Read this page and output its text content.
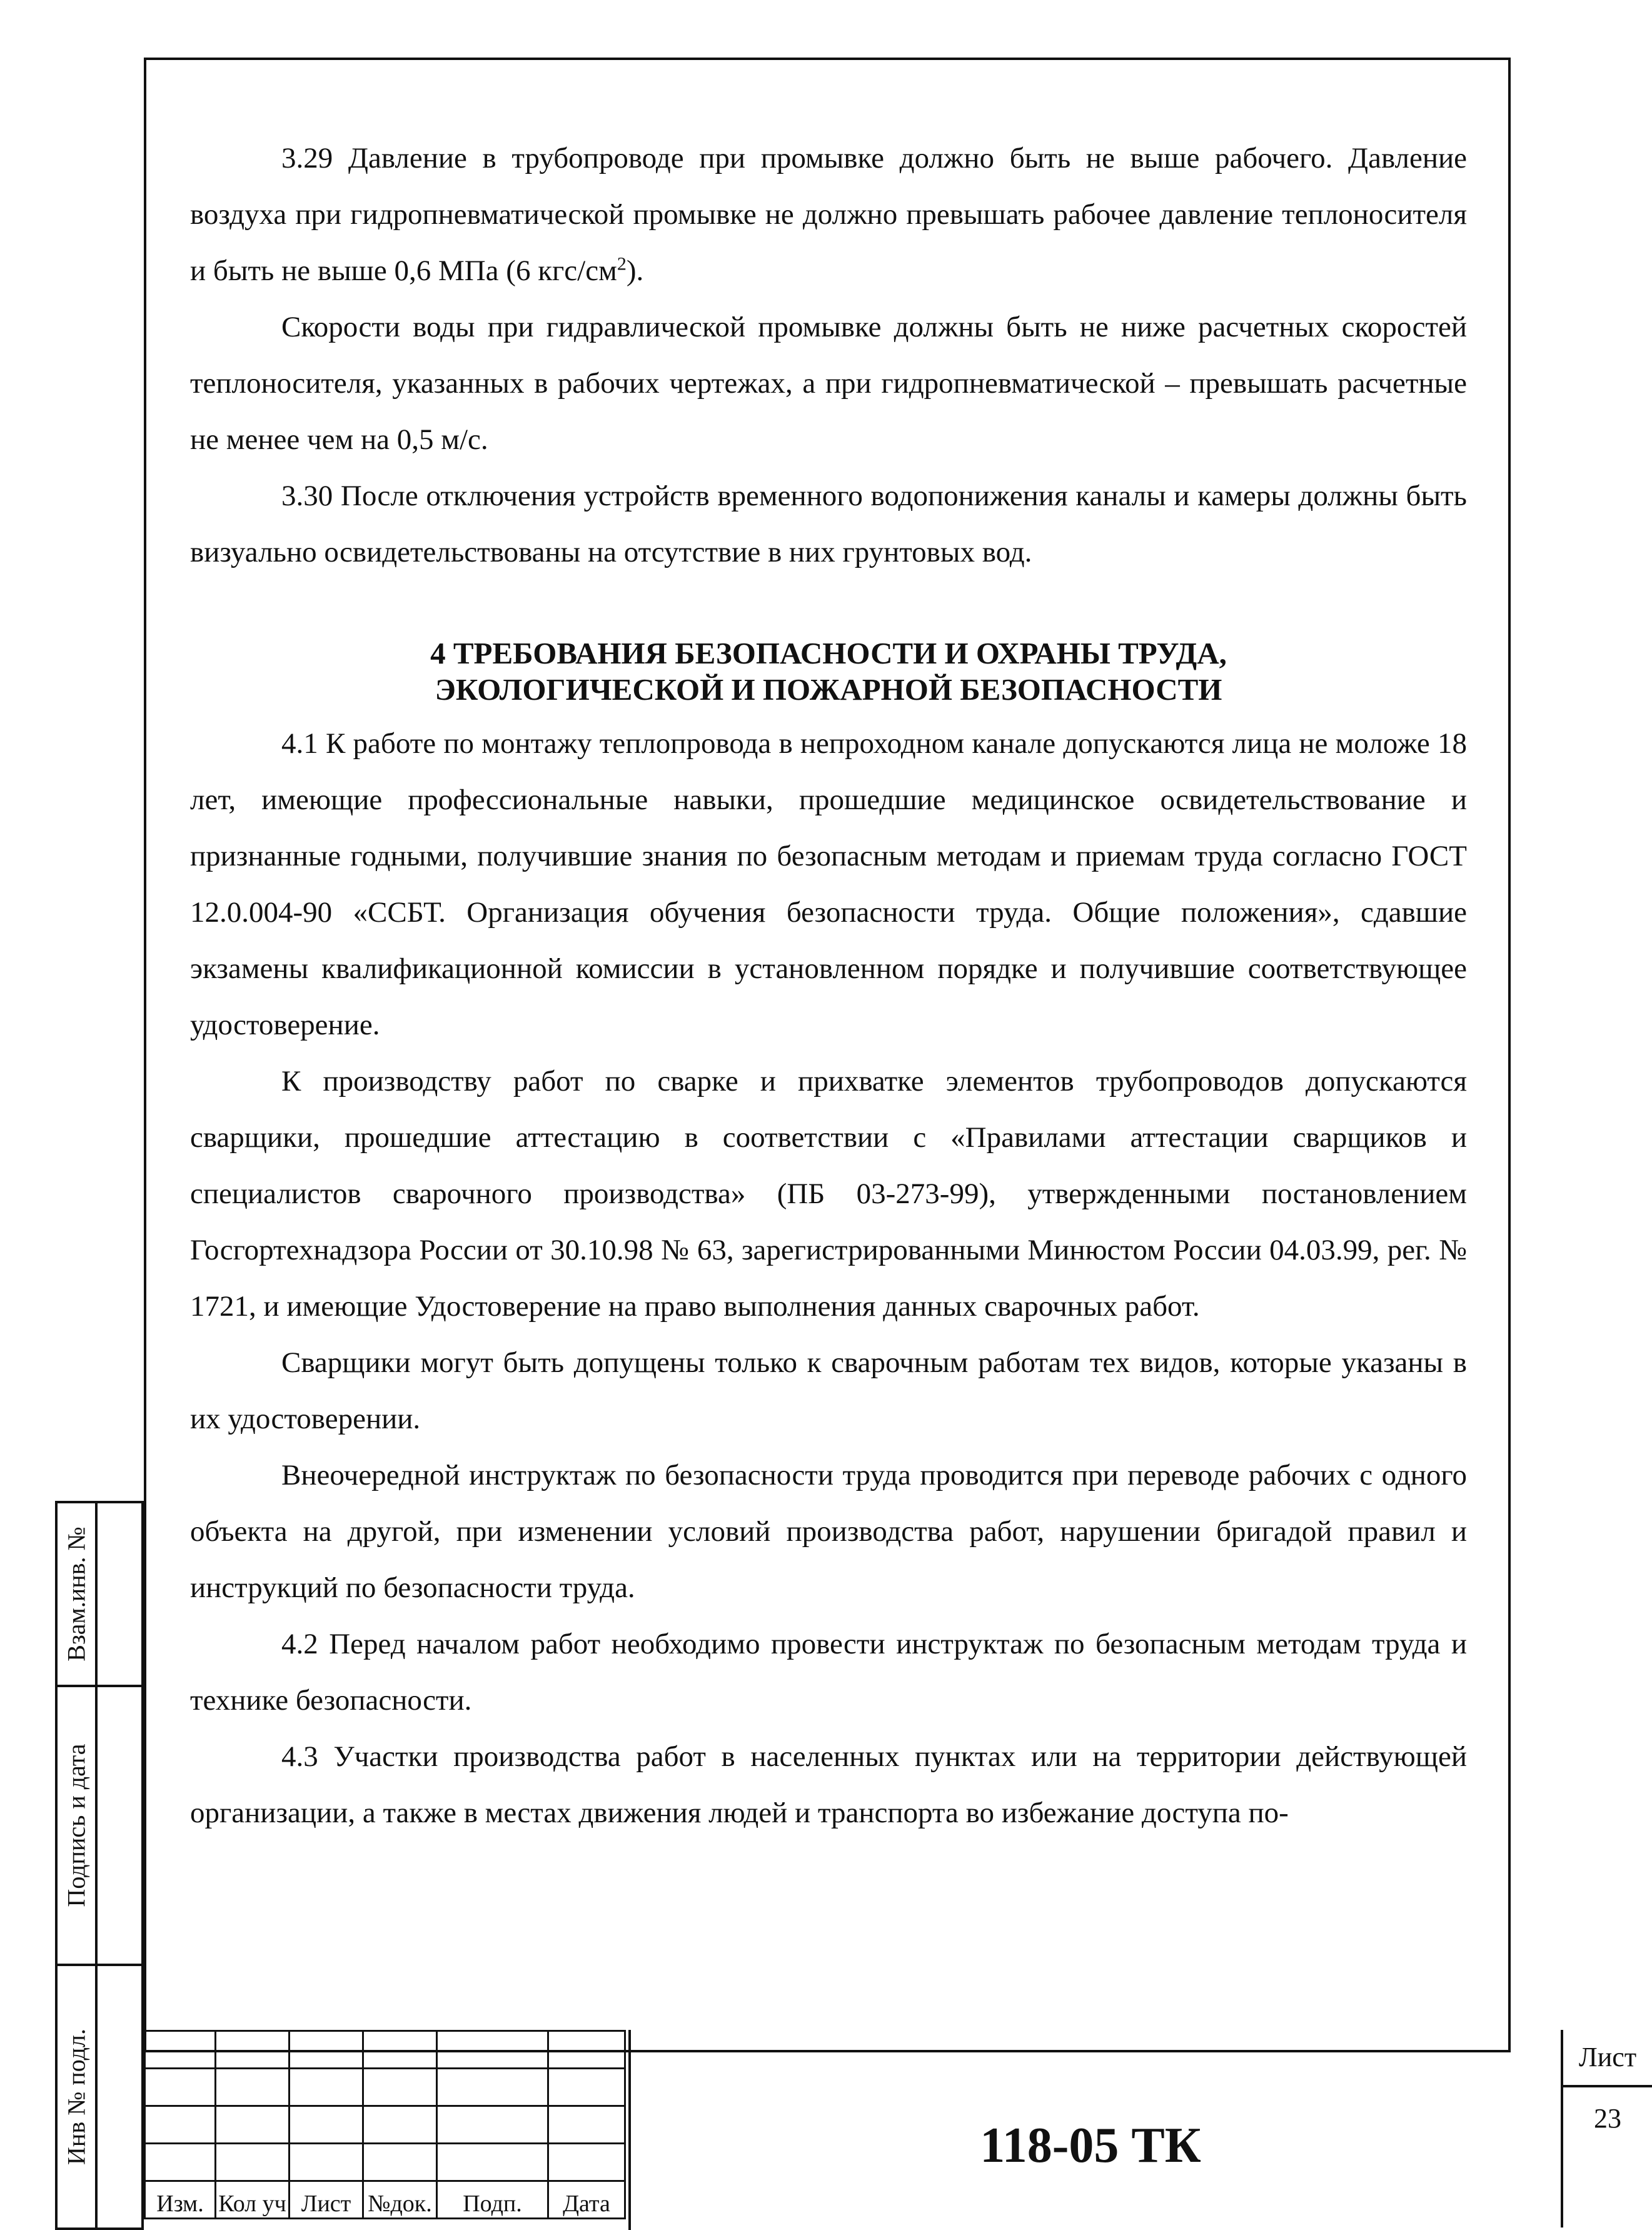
3.29 Давление в трубопроводе при промывке должно быть не выше рабочего. Давление воздуха при гидропневматической промывке не должно превышать рабочее давление теплоносителя и быть не выше 0,6 МПа (6 кгс/$см^2$).

Скорости воды при гидравлической промывке должны быть не ниже расчетных скоростей теплоносителя, указанных в рабочих чертежах, а при гидропневматической – превышать расчетные не менее чем на 0,5 м/с.

3.30 После отключения устройств временного водопонижения каналы и камеры должны быть визуально освидетельствованы на отсутствие в них грунтовых вод.

4 ТРЕБОВАНИЯ БЕЗОПАСНОСТИ И ОХРАНЫ ТРУДА,
ЭКОЛОГИЧЕСКОЙ И ПОЖАРНОЙ БЕЗОПАСНОСТИ

4.1 К работе по монтажу теплопровода в непроходном канале допускаются лица не моложе 18 лет, имеющие профессиональные навыки, прошедшие медицинское освидетельствование и признанные годными, получившие знания по безопасным методам и приемам труда согласно ГОСТ 12.0.004-90 «ССБТ. Организация обучения безопасности труда. Общие положения», сдавшие экзамены квалификационной комиссии в установленном порядке и получившие соответствующее удостоверение.

К производству работ по сварке и прихватке элементов трубопроводов допускаются сварщики, прошедшие аттестацию в соответствии с «Правилами аттестации сварщиков и специалистов сварочного производства» (ПБ 03-273-99), утвержденными постановлением Госгортехнадзора России от 30.10.98 № 63, зарегистрированными Минюстом России 04.03.99, рег. № 1721, и имеющие Удостоверение на право выполнения данных сварочных работ.

Сварщики могут быть допущены только к сварочным работам тех видов, которые указаны в их удостоверении.

Внеочередной инструктаж по безопасности труда проводится при переводе рабочих с одного объекта на другой, при изменении условий производства работ, нарушении бригадой правил и инструкций по безопасности труда.

4.2 Перед началом работ необходимо провести инструктаж по безопасным методам труда и технике безопасности.

4.3 Участки производства работ в населенных пунктах или на территории действующей организации, а также в местах движения людей и транспорта во избежание доступа по-

Взам.инв. №
Подпись и дата
Инв № подл.

Изм.	Кол уч	Лист	№док.	Подп.	Дата
118-05 ТК
Лист
23
